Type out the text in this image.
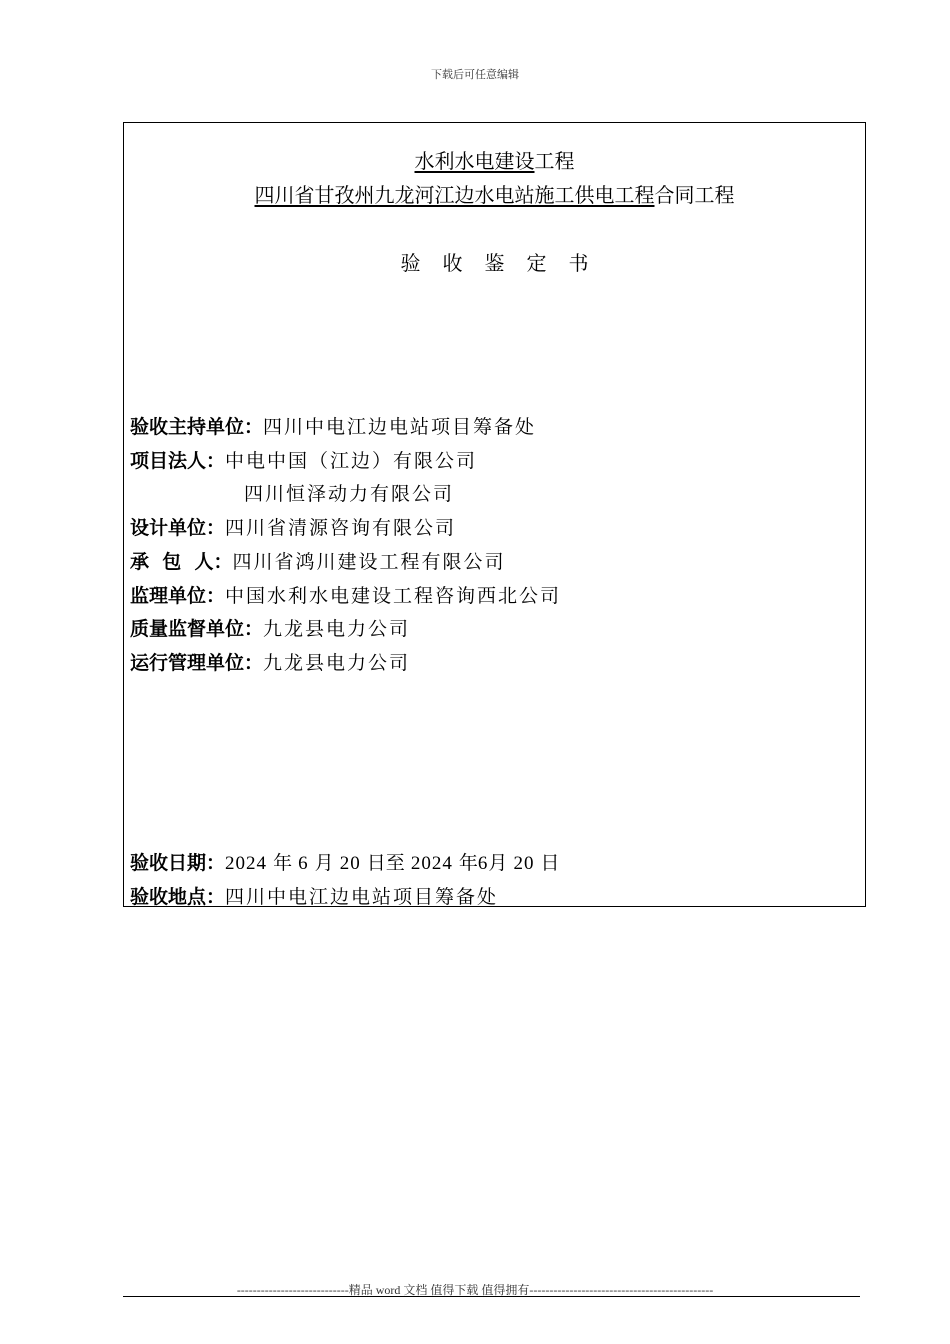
下载后可任意编辑
水利水电建设工程
四川省甘孜州九龙河江边水电站施工供电工程合同工程
验收鉴定书
验收主持单位：四川中电江边电站项目筹备处
项目法人：中电中国（江边）有限公司
四川恒泽动力有限公司
设计单位：四川省清源咨询有限公司
承  包  人：四川省鸿川建设工程有限公司
监理单位：中国水利水电建设工程咨询西北公司
质量监督单位：九龙县电力公司
运行管理单位：九龙县电力公司
验收日期：2024 年 6 月 20 日至 2024 年6月 20 日
验收地点：四川中电江边电站项目筹备处
----------------------------精品 word 文档 值得下载 值得拥有----------------------------------------------
